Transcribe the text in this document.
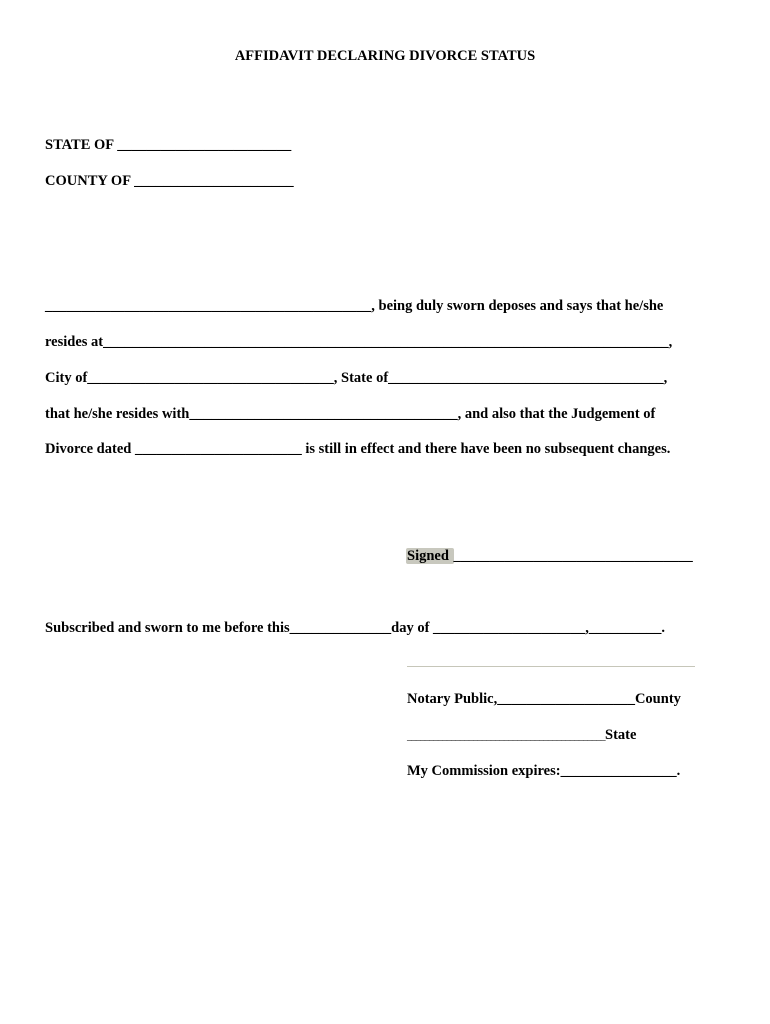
AFFIDAVIT DECLARING DIVORCE STATUS
STATE OF ________________________
COUNTY OF ______________________
_____________________________________________, being duly sworn deposes and says that he/she
resides at______________________________________________________________________________,
City of__________________________________, State of______________________________________,
that he/she resides with_____________________________________, and also that the Judgement of
Divorce dated _______________________ is still in effect and there have been no subsequent changes.
Signed _________________________________
Subscribed and sworn to me before this______________day of _____________________,__________.
Notary Public,___________________County
_____________________________________________State
My Commission expires:________________.
